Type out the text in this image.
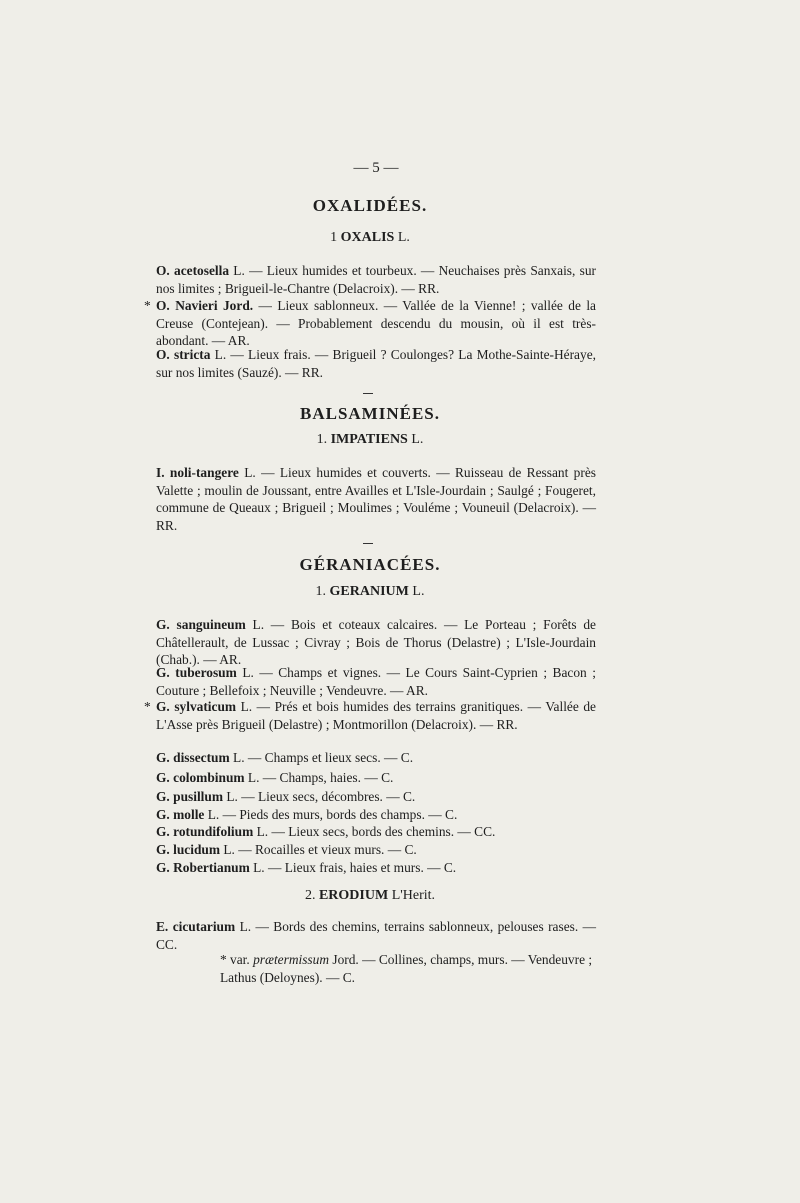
— 5 —
OXALIDÉES.
1 OXALIS L.
O. acetosella L. — Lieux humides et tourbeux. — Neuchaises près Sanxais, sur nos limites ; Brigueil-le-Chantre (Delacroix). — RR.
* O. Navieri Jord. — Lieux sablonneux. — Vallée de la Vienne! ; vallée de la Creuse (Contejean). — Probablement descendu du mousin, où il est très-abondant. — AR.
O. stricta L. — Lieux frais. — Brigueil ? Coulonges? La Mothe-Sainte-Héraye, sur nos limites (Sauzé). — RR.
BALSAMINÉES.
1. IMPATIENS L.
I. noli-tangere L. — Lieux humides et couverts. — Ruisseau de Ressant près Valette ; moulin de Joussant, entre Availles et L'Isle-Jourdain ; Saulgé ; Fougeret, commune de Queaux ; Brigueil ; Moulimes ; Vouléme ; Vouneuil (Delacroix). — RR.
GÉRANIACÉES.
1. GERANIUM L.
G. sanguineum L. — Bois et coteaux calcaires. — Le Porteau ; Forêts de Châtellerault, de Lussac ; Civray ; Bois de Thorus (Delastre) ; L'Isle-Jourdain (Chab.). — AR.
G. tuberosum L. — Champs et vignes. — Le Cours Saint-Cyprien ; Bacon ; Couture ; Bellefoix ; Neuville ; Vendeuvre. — AR.
* G. sylvaticum L. — Prés et bois humides des terrains granitiques. — Vallée de L'Asse près Brigueil (Delastre) ; Montmorillon (Delacroix). — RR.
G. dissectum L. — Champs et lieux secs. — C.
G. colombinum L. — Champs, haies. — C.
G. pusillum L. — Lieux secs, décombres. — C.
G. molle L. — Pieds des murs, bords des champs. — C.
G. rotundifolium L. — Lieux secs, bords des chemins. — CC.
G. lucidum L. — Rocailles et vieux murs. — C.
G. Robertianum L. — Lieux frais, haies et murs. — C.
2. ERODIUM L'Herit.
E. cicutarium L. — Bords des chemins, terrains sablonneux, pelouses rases. — CC.
* var. prætermissum Jord. — Collines, champs, murs. — Vendeuvre ; Lathus (Deloynes). — C.
